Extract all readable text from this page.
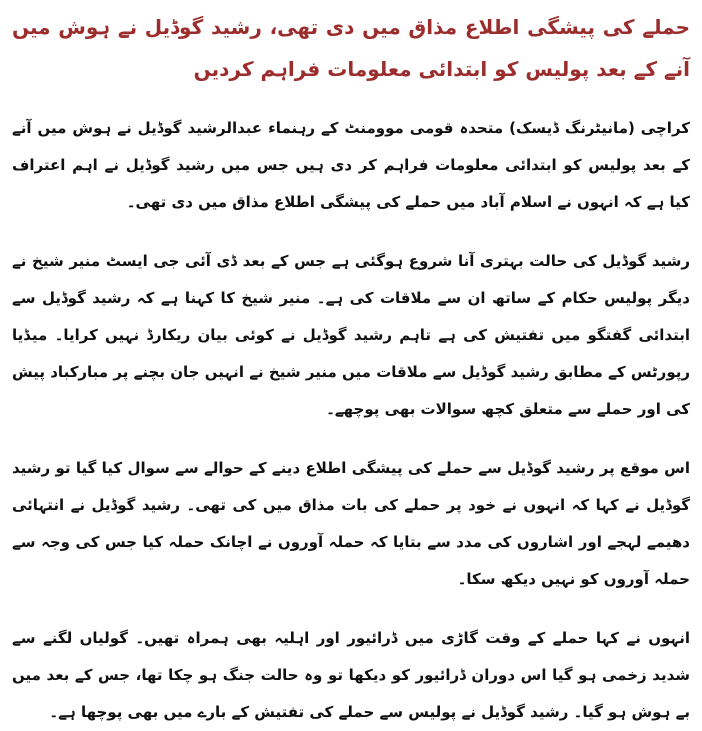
حملے کی پیشگی اطلاع مذاق میں دی تھی، رشید گوڈیل نے ہوش میں آنے کے بعد پولیس کو ابتدائی معلومات فراہم کردیں

کراچی (مانیٹرنگ ڈیسک) متحدہ قومی موومنٹ کے رہنماء عبدالرشید گوڈیل نے ہوش میں آنے کے بعد پولیس کو ابتدائی معلومات فراہم کر دی ہیں جس میں رشید گوڈیل نے اہم اعتراف کیا ہے کہ انہوں نے اسلام آباد میں حملے کی پیشگی اطلاع مذاق میں دی تھی۔

رشید گوڈیل کی حالت بہتری آنا شروع ہوگئی ہے جس کے بعد ڈی آئی جی ایسٹ منیر شیخ نے دیگر پولیس حکام کے ساتھ ان سے ملاقات کی ہے۔ منیر شیخ کا کہنا ہے کہ رشید گوڈیل سے ابتدائی گفتگو میں تفتیش کی ہے تاہم رشید گوڈیل نے کوئی بیان ریکارڈ نہیں کرایا۔ میڈیا رپورٹس کے مطابق رشید گوڈیل سے ملاقات میں منیر شیخ نے انہیں جان بچنے پر مبارکباد پیش کی اور حملے سے متعلق کچھ سوالات بھی پوچھے۔

اس موقع پر رشید گوڈیل سے حملے کی پیشگی اطلاع دینے کے حوالے سے سوال کیا گیا تو رشید گوڈیل نے کہا کہ انہوں نے خود پر حملے کی بات مذاق میں کی تھی۔ رشید گوڈیل نے انتہائی دھیمے لہجے اور اشاروں کی مدد سے بتایا کہ حملہ آوروں نے اچانک حملہ کیا جس کی وجہ سے حملہ آوروں کو نہیں دیکھ سکا۔

انہوں نے کہا حملے کے وقت گاڑی میں ڈرائیور اور اہلیہ بھی ہمراہ تھیں۔ گولیاں لگنے سے شدید زخمی ہو گیا اس دوران ڈرائیور کو دیکھا تو وہ حالت جنگ ہو چکا تھا، جس کے بعد میں بے ہوش ہو گیا۔ رشید گوڈیل نے پولیس سے حملے کی تفتیش کے بارے میں بھی پوچھا ہے۔
